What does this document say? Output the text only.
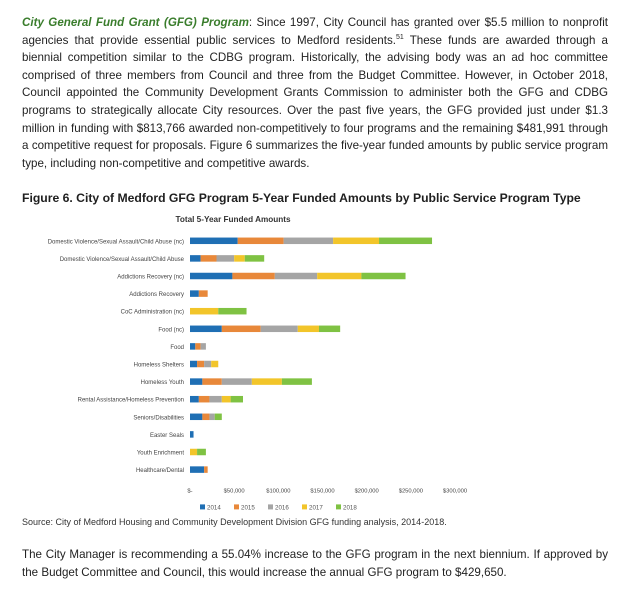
City General Fund Grant (GFG) Program: Since 1997, City Council has granted over $5.5 million to nonprofit agencies that provide essential public services to Medford residents.$^{51}$ These funds are awarded through a biennial competition similar to the CDBG program. Historically, the advising body was an ad hoc committee comprised of three members from Council and three from the Budget Committee. However, in October 2018, Council appointed the Community Development Grants Commission to administer both the GFG and CDBG programs to strategically allocate City resources. Over the past five years, the GFG provided just under $1.3 million in funding with $813,766 awarded non-competitively to four programs and the remaining $481,991 through a competitive request for proposals. Figure 6 summarizes the five-year funded amounts by public service program type, including non-competitive and competitive awards.
Figure 6. City of Medford GFG Program 5-Year Funded Amounts by Public Service Program Type
Total 5-Year Funded Amounts
Domestic Violence/Sexual Assault/Child Abuse (nc)
Domestic Violence/Sexual Assault/Child Abuse
Addictions Recovery (nc)
Addictions Recovery
CoC Administration (nc)
Food (nc)
Food
Homeless Shelters
Homeless Youth
Rental Assistance/Homeless Prevention
Seniors/Disabilities
Easter Seals
Youth Enrichment
Healthcare/Dental
$-	$50,000	$100,000	$150,000	$200,000	$250,000	$300,000
2014	2015	2016	2017	2018
Source: City of Medford Housing and Community Development Division GFG funding analysis, 2014-2018.
The City Manager is recommending a 55.04% increase to the GFG program in the next biennium. If approved by the Budget Committee and Council, this would increase the annual GFG program to $429,650.
